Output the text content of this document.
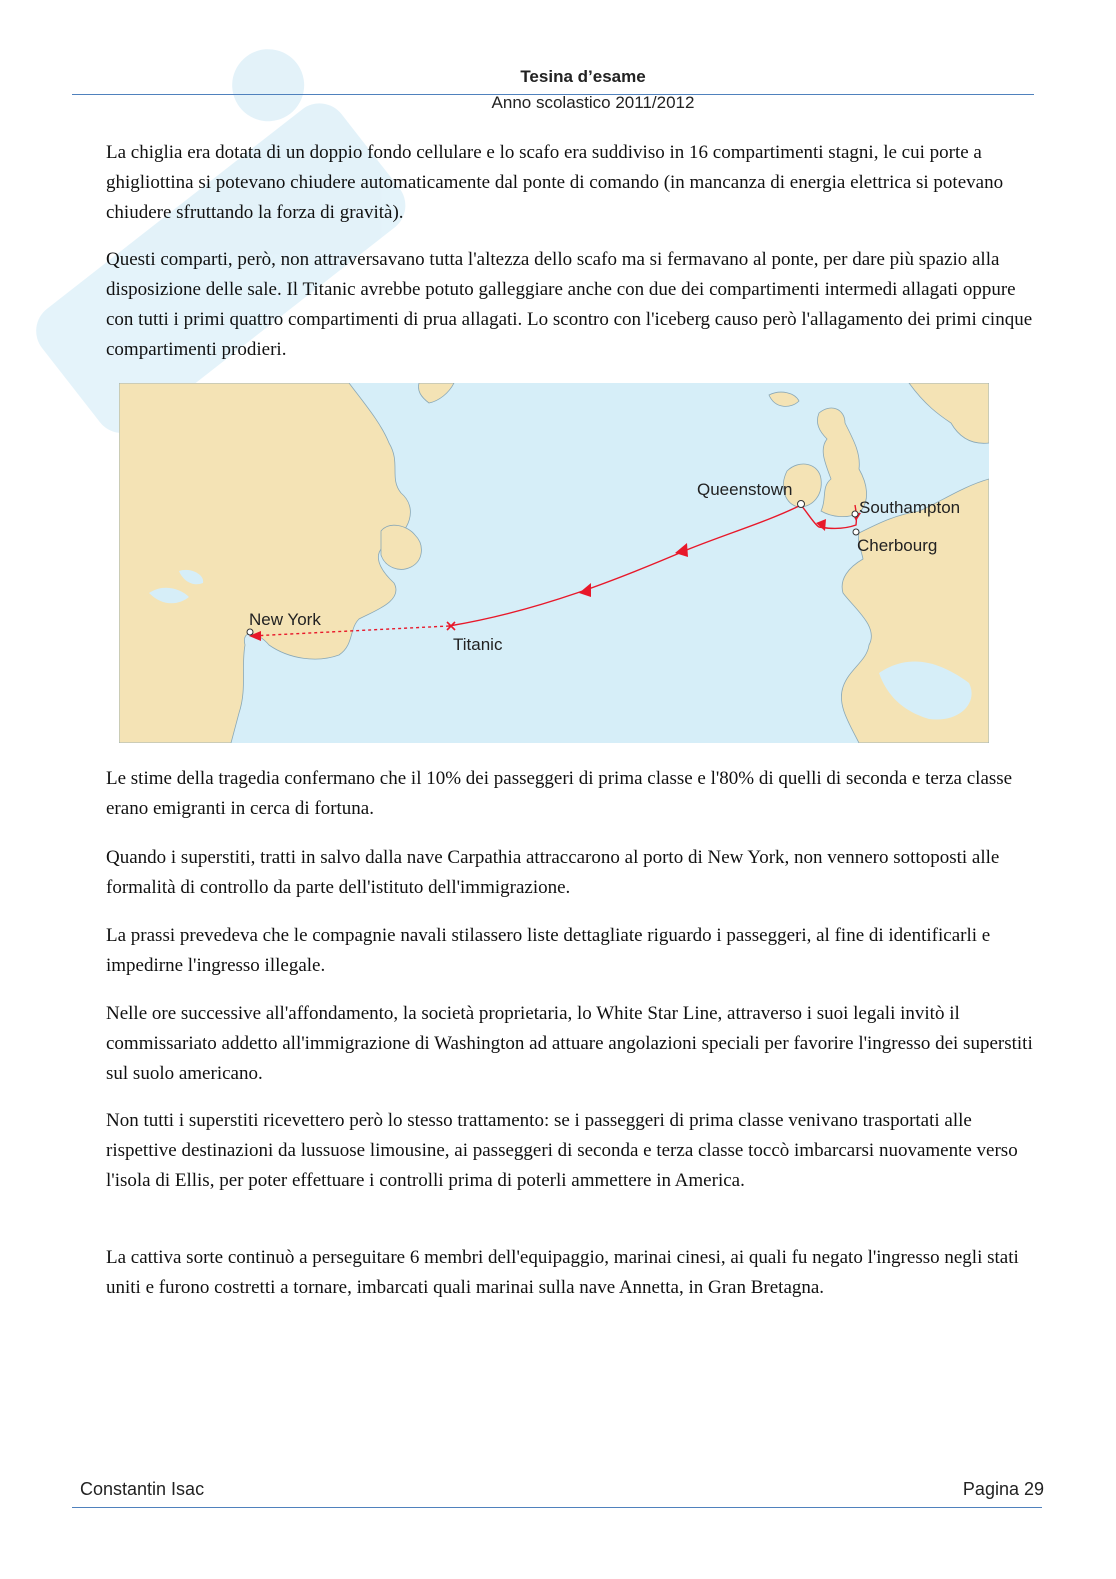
Tesina d’esame
Anno scolastico 2011/2012

La chiglia era dotata di un doppio fondo cellulare e lo scafo era suddiviso in 16 compartimenti stagni, le cui porte a ghigliottina si potevano chiudere automaticamente dal ponte di comando (in mancanza di energia elettrica si potevano chiudere sfruttando la forza di gravità).

Questi comparti, però, non attraversavano tutta l'altezza dello scafo ma si fermavano al ponte, per dare più spazio alla disposizione delle sale. Il Titanic avrebbe potuto galleggiare anche con due dei compartimenti intermedi allagati oppure con tutti i primi quattro compartimenti di prua allagati. Lo scontro con l'iceberg causo però l'allagamento dei primi cinque compartimenti prodieri.

Queenstown
Southampton
Cherbourg
New York
Titanic

Le stime della tragedia confermano che il 10% dei passeggeri di prima classe e l'80% di quelli di seconda e terza classe erano emigranti in cerca di fortuna.

Quando i superstiti, tratti in salvo dalla nave Carpathia attraccarono al porto di New York, non vennero sottoposti alle formalità di controllo da parte dell'istituto dell'immigrazione.

La prassi prevedeva che le compagnie navali stilassero liste dettagliate riguardo i passeggeri, al fine di identificarli e impedirne l'ingresso illegale.

Nelle ore successive all'affondamento, la società proprietaria, lo White Star Line, attraverso i suoi legali invitò il commissariato addetto all'immigrazione di Washington ad attuare angolazioni speciali per favorire l'ingresso dei superstiti sul suolo americano.

Non tutti i superstiti ricevettero però lo stesso trattamento: se i passeggeri di prima classe venivano trasportati alle rispettive destinazioni da lussuose limousine, ai passeggeri di seconda e terza classe toccò imbarcarsi nuovamente verso l'isola di Ellis, per poter effettuare i controlli prima di poterli ammettere in America.

La cattiva sorte continuò a perseguitare 6 membri dell'equipaggio, marinai cinesi, ai quali fu negato l'ingresso negli stati uniti e furono costretti a tornare, imbarcati quali marinai sulla nave Annetta, in Gran Bretagna.

Constantin Isac	Pagina 29
